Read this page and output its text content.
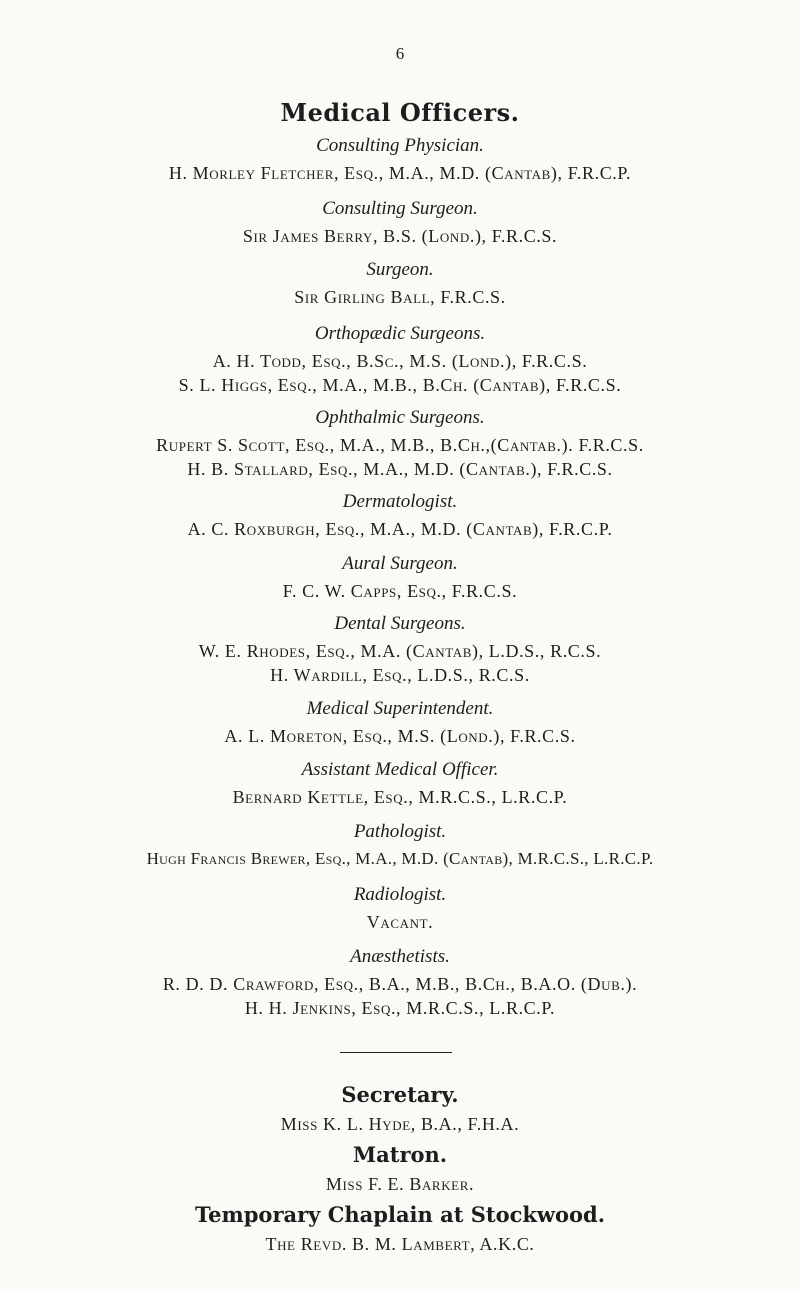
6
Medical Officers.
Consulting Physician.
H. Morley Fletcher, Esq., M.A., M.D. (Cantab), F.R.C.P.
Consulting Surgeon.
Sir James Berry, B.S. (Lond.), F.R.C.S.
Surgeon.
Sir Girling Ball, F.R.C.S.
Orthopædic Surgeons.
A. H. Todd, Esq., B.Sc., M.S. (Lond.), F.R.C.S.
S. L. Higgs, Esq., M.A., M.B., B.Ch. (Cantab), F.R.C.S.
Ophthalmic Surgeons.
Rupert S. Scott, Esq., M.A., M.B., B.Ch.,(Cantab.). F.R.C.S.
H. B. Stallard, Esq., M.A., M.D. (Cantab.), F.R.C.S.
Dermatologist.
A. C. Roxburgh, Esq., M.A., M.D. (Cantab), F.R.C.P.
Aural Surgeon.
F. C. W. Capps, Esq., F.R.C.S.
Dental Surgeons.
W. E. Rhodes, Esq., M.A. (Cantab), L.D.S., R.C.S.
H. Wardill, Esq., L.D.S., R.C.S.
Medical Superintendent.
A. L. Moreton, Esq., M.S. (Lond.), F.R.C.S.
Assistant Medical Officer.
Bernard Kettle, Esq., M.R.C.S., L.R.C.P.
Pathologist.
Hugh Francis Brewer, Esq., M.A., M.D. (Cantab), M.R.C.S., L.R.C.P.
Radiologist.
Vacant.
Anæsthetists.
R. D. D. Crawford, Esq., B.A., M.B., B.Ch., B.A.O. (Dub.).
H. H. Jenkins, Esq., M.R.C.S., L.R.C.P.
Secretary.
Miss K. L. Hyde, B.A., F.H.A.
Matron.
Miss F. E. Barker.
Temporary Chaplain at Stockwood.
The Revd. B. M. Lambert, A.K.C.
